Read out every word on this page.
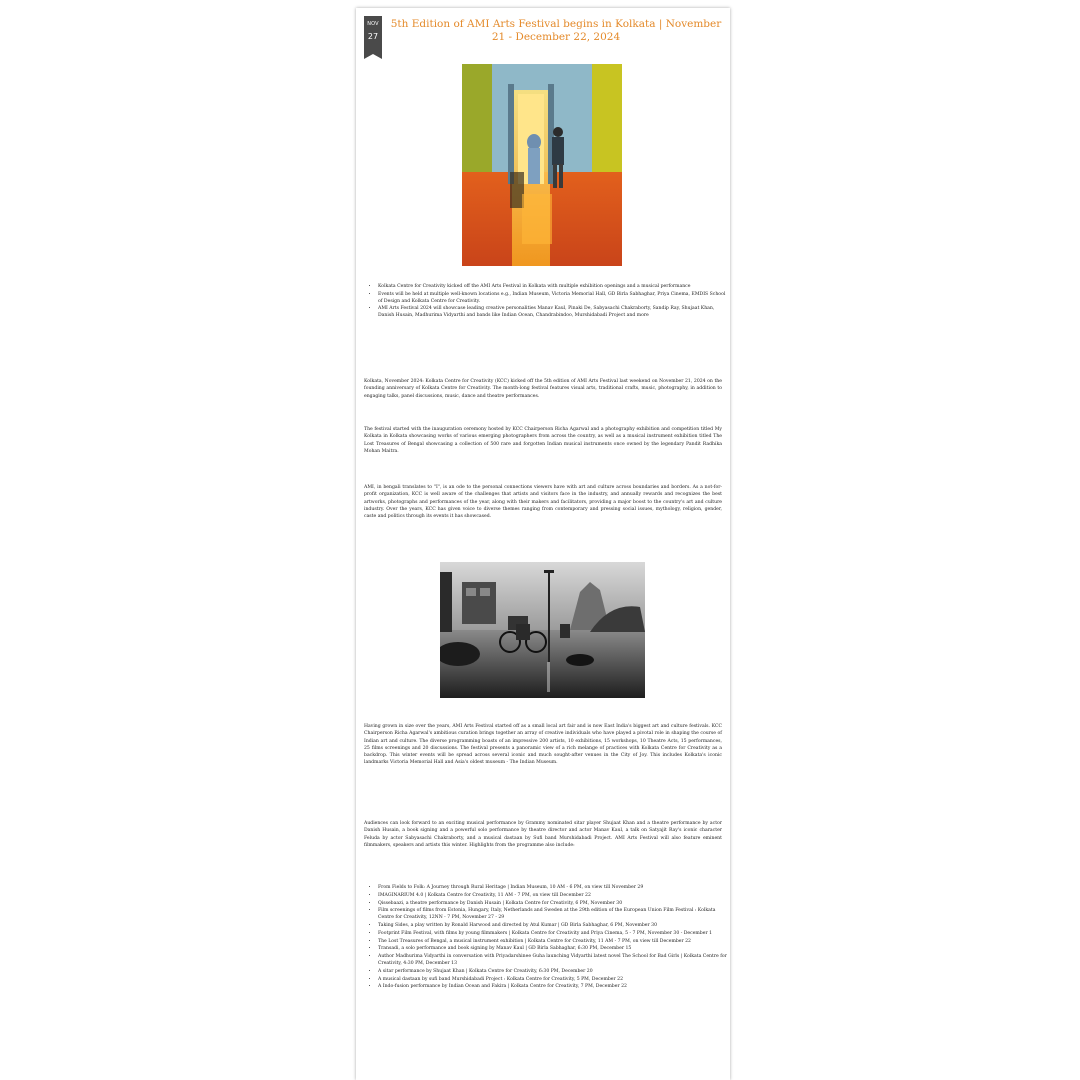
NOV
27
5th Edition of AMI Arts Festival begins in Kolkata | November 21 - December 22, 2024
• Kolkata Centre for Creativity kicked off the AMI Arts Festival in Kolkata with multiple exhibition openings and a musical performance
• Events will be held at multiple well-known locations e.g., Indian Museum, Victoria Memorial Hall, GD Birla Sabhaghar, Priya Cinema, EMDIS School of Design and Kolkata Centre for Creativity.
• AMI Arts Festival 2024 will showcase leading creative personalities Manav Kaul, Pinaki De, Sabyasachi Chakraborty, Sandip Ray, Shujaat Khan, Danish Husain, Madhurima Vidyarthi and bands like Indian Ocean, Chandrabindoo, Murshidabadi Project and more

Kolkata, November 2024: Kolkata Centre for Creativity (KCC) kicked off the 5th edition of AMI Arts Festival last weekend on November 21, 2024 on the founding anniversary of Kolkata Centre for Creativity. The month-long festival features visual arts, traditional crafts, music, photography, in addition to engaging talks, panel discussions, music, dance and theatre performances.

The festival started with the inauguration ceremony hosted by KCC Chairperson Richa Agarwal and a photography exhibition and competition titled My Kolkata in Kolkata showcasing works of various emerging photographers from across the country, as well as a musical instrument exhibition titled The Lost Treasures of Bengal showcasing a collection of 500 rare and forgotten Indian musical instruments once owned by the legendary Pandit Radhika Mohan Maitra.

AMI, in bengali translates to "I", is an ode to the personal connections viewers have with art and culture across boundaries and borders. As a not-for-profit organization, KCC is well aware of the challenges that artists and visitors face in the industry, and annually rewards and recognizes the best artworks, photographs and performances of the year, along with their makers and facilitators, providing a major boost to the country's art and culture industry. Over the years, KCC has given voice to diverse themes ranging from contemporary and pressing social issues, mythology, religion, gender, caste and politics through its events it has showcased.

Having grown in size over the years, AMI Arts Festival started off as a small local art fair and is now East India's biggest art and culture festivals. KCC Chairperson Richa Agarwal's ambitious curation brings together an array of creative individuals who have played a pivotal role in shaping the course of Indian art and culture. The diverse programming boasts of an impressive 200 artists, 10 exhibitions, 15 workshops, 10 Theatre Acts, 15 performances, 25 films screenings and 20 discussions. The festival presents a panoramic view of a rich melange of practices with Kolkata Centre for Creativity as a backdrop. This winter events will be spread across several iconic and much sought-after venues in the City of Joy. This includes Kolkata's iconic landmarks Victoria Memorial Hall and Asia's oldest museum - The Indian Museum.

Audiences can look forward to an exciting musical performance by Grammy nominated sitar player Shujaat Khan and a theatre performance by actor Danish Husain, a book signing and a powerful solo performance by theatre director and actor Manav Kaul, a talk on Satyajit Ray's iconic character Feluda by actor Sabyasachi Chakraborty, and a musical dastaan by Sufi band Murshidabadi Project. AMI Arts Festival will also feature eminent filmmakers, speakers and artists this winter. Highlights from the programme also include:

• From Fields to Folk: A Journey through Rural Heritage | Indian Museum, 10 AM - 6 PM, on view till November 29
• IMAGINARIUM 4.0 | Kolkata Centre for Creativity, 11 AM - 7 PM, on view till December 22
• Qissebaazi, a theatre performance by Danish Husain | Kolkata Centre for Creativity, 6 PM, November 30
• Film screenings of films from Estonia, Hungary, Italy, Netherlands and Sweden at the 29th edition of the European Union Film Festival : Kolkata Centre for Creativity, 12NN - 7 PM, November 27 - 29
• Taking Sides, a play written by Ronald Harwood and directed by Atul Kumar | GD Birla Sabhaghar, 6 PM, November 30
• Footprint Film Festival, with films by young filmmakers | Kolkata Centre for Creativity and Priya Cinema, 5 - 7 PM, November 30 - December 1
• The Lost Treasures of Bengal, a musical instrument exhibition | Kolkata Centre for Creativity, 11 AM - 7 PM, on view till December 22
• Transadi, a solo performance and book signing by Manav Kaul | GD Birla Sabhaghar, 6:30 PM, December 15
• Author Madhurima Vidyarthi in conversation with Priyadarshinee Guha launching Vidyarthi latest novel The School for Bad Girls | Kolkata Centre for Creativity, 4:30 PM, December 13
• A sitar performance by Shujaat Khan | Kolkata Centre for Creativity, 6:30 PM, December 20
• A musical dastaan by sufi band Murshidabadi Project : Kolkata Centre for Creativity, 5 PM, December 22
• A Indo-fusion performance by Indian Ocean and Fakira | Kolkata Centre for Creativity, 7 PM, December 22
